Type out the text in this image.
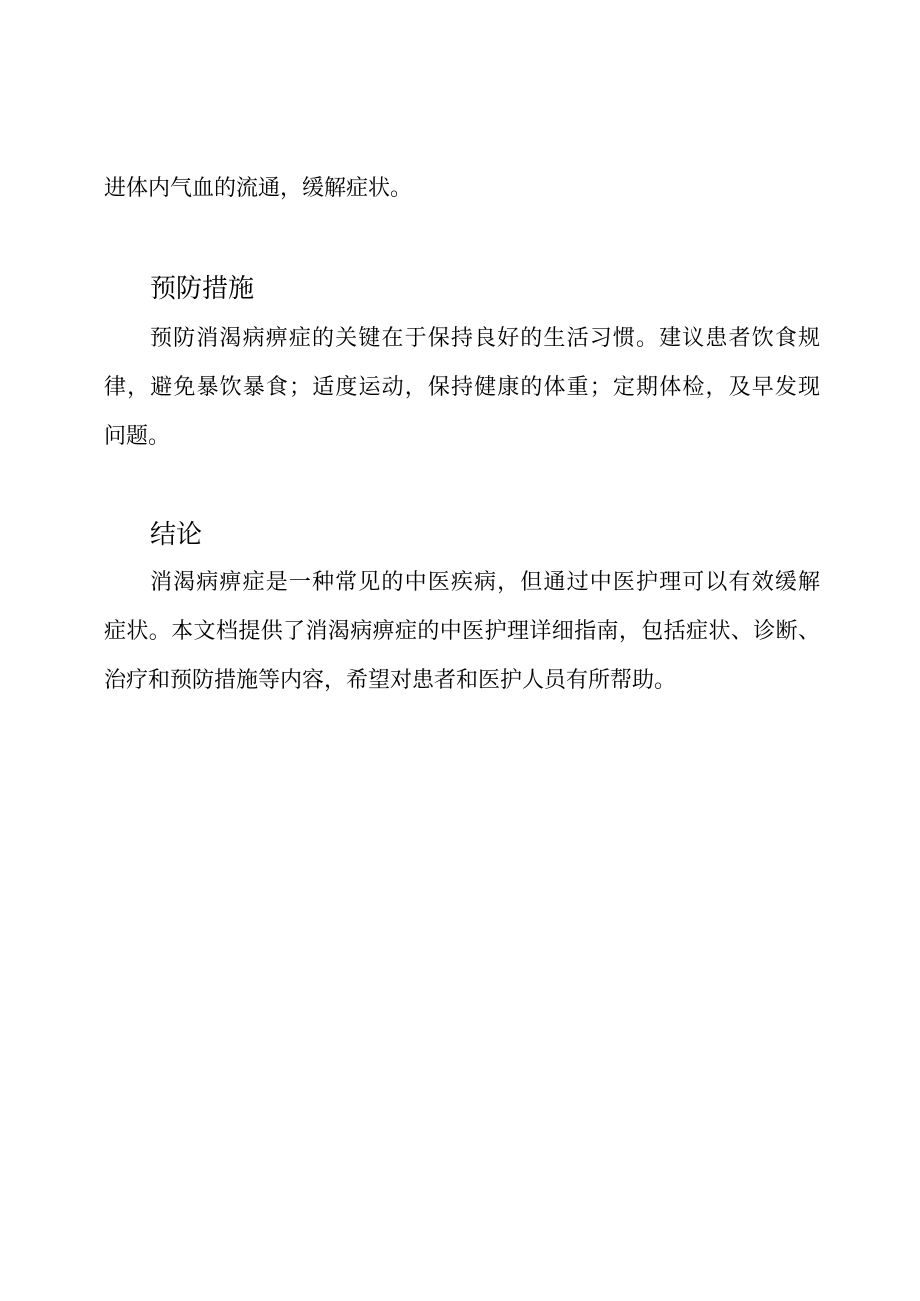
进体内气血的流通，缓解症状。
预防措施
预防消渴病痹症的关键在于保持良好的生活习惯。建议患者饮食规
律，避免暴饮暴食；适度运动，保持健康的体重；定期体检，及早发现
问题。
结论
消渴病痹症是一种常见的中医疾病，但通过中医护理可以有效缓解
症状。本文档提供了消渴病痹症的中医护理详细指南，包括症状、诊断、
治疗和预防措施等内容，希望对患者和医护人员有所帮助。
